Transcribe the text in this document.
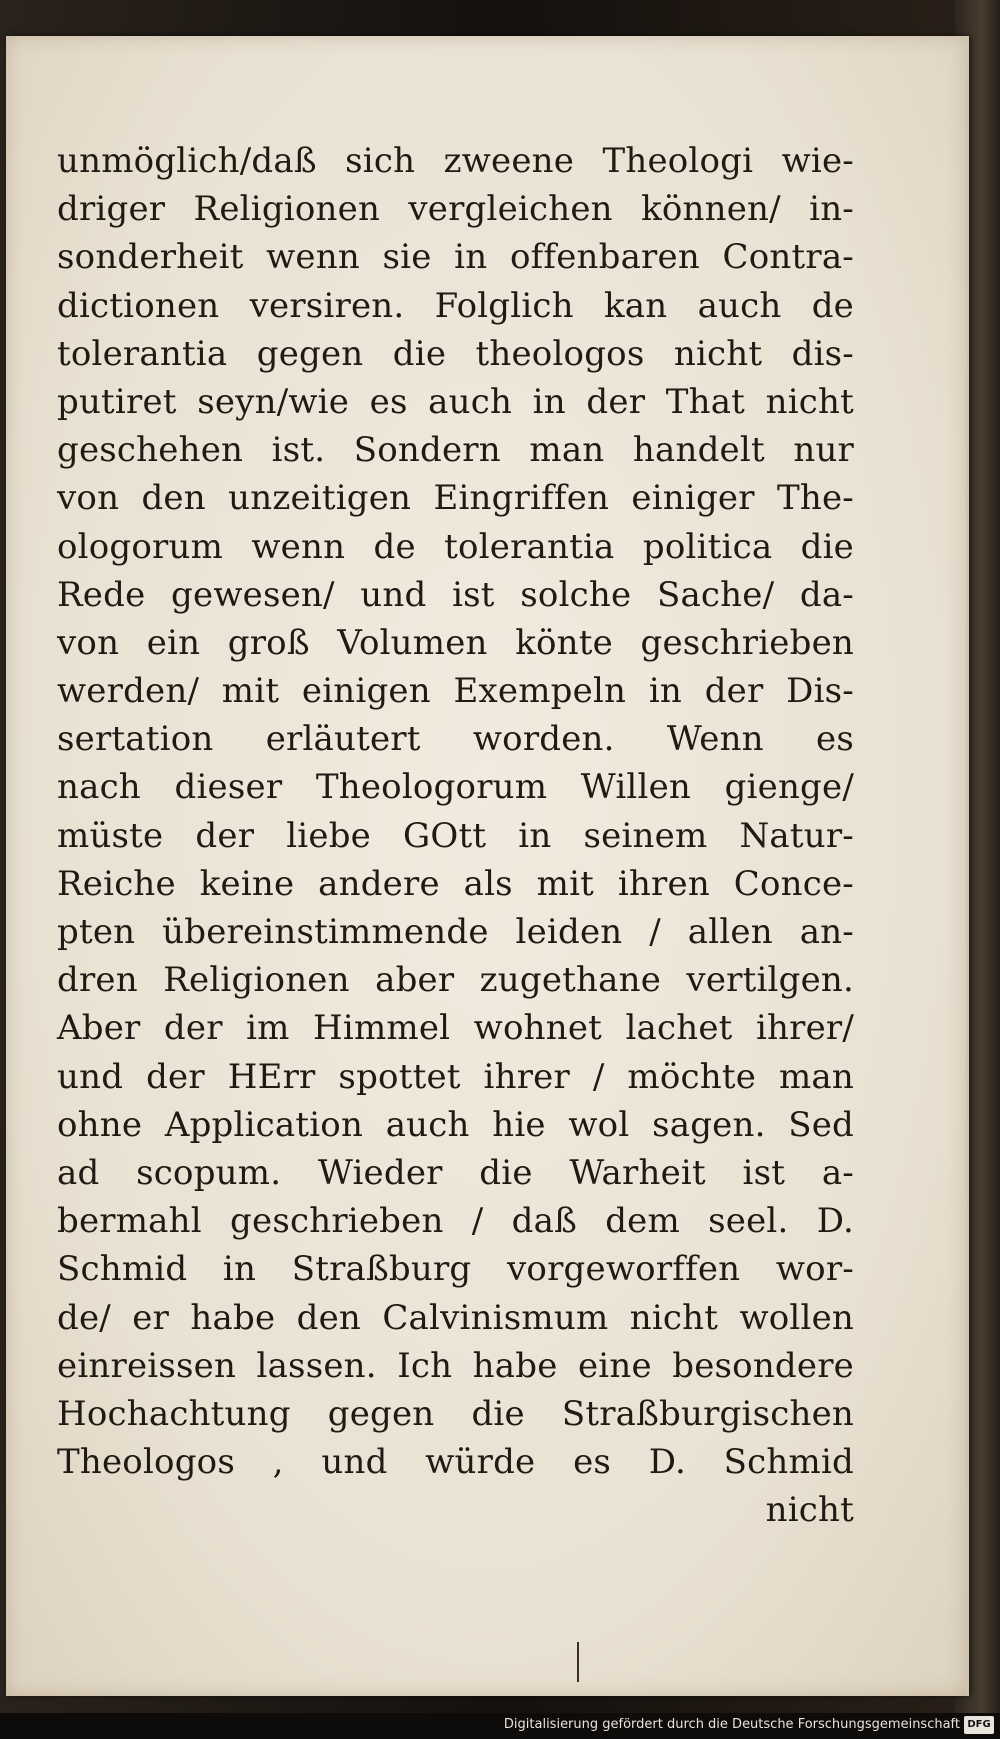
unmöglich/daß sich zweene Theologi wie-
driger Religionen vergleichen können/ in-
sonderheit wenn sie in offenbaren Contra-
dictionen versiren. Folglich kan auch de
tolerantia gegen die theologos nicht dis-
putiret seyn/wie es auch in der That nicht
geschehen ist. Sondern man handelt nur
von den unzeitigen Eingriffen einiger The-
ologorum wenn de tolerantia politica die
Rede gewesen/ und ist solche Sache/ da-
von ein groß Volumen könte geschrieben
werden/ mit einigen Exempeln in der Dis-
sertation erläutert worden. Wenn es
nach dieser Theologorum Willen gienge/
müste der liebe GOtt in seinem Natur-
Reiche keine andere als mit ihren Conce-
pten übereinstimmende leiden / allen an-
dren Religionen aber zugethane vertilgen.
Aber der im Himmel wohnet lachet ihrer/
und der HErr spottet ihrer / möchte man
ohne Application auch hie wol sagen. Sed
ad scopum. Wieder die Warheit ist a-
bermahl geschrieben / daß dem seel. D.
Schmid in Straßburg vorgeworffen wor-
de/ er habe den Calvinismum nicht wollen
einreissen lassen. Ich habe eine besondere
Hochachtung gegen die Straßburgischen
Theologos , und würde es D. Schmid
nicht
Digitalisierung gefördert durch die Deutsche Forschungsgemeinschaft DFG
